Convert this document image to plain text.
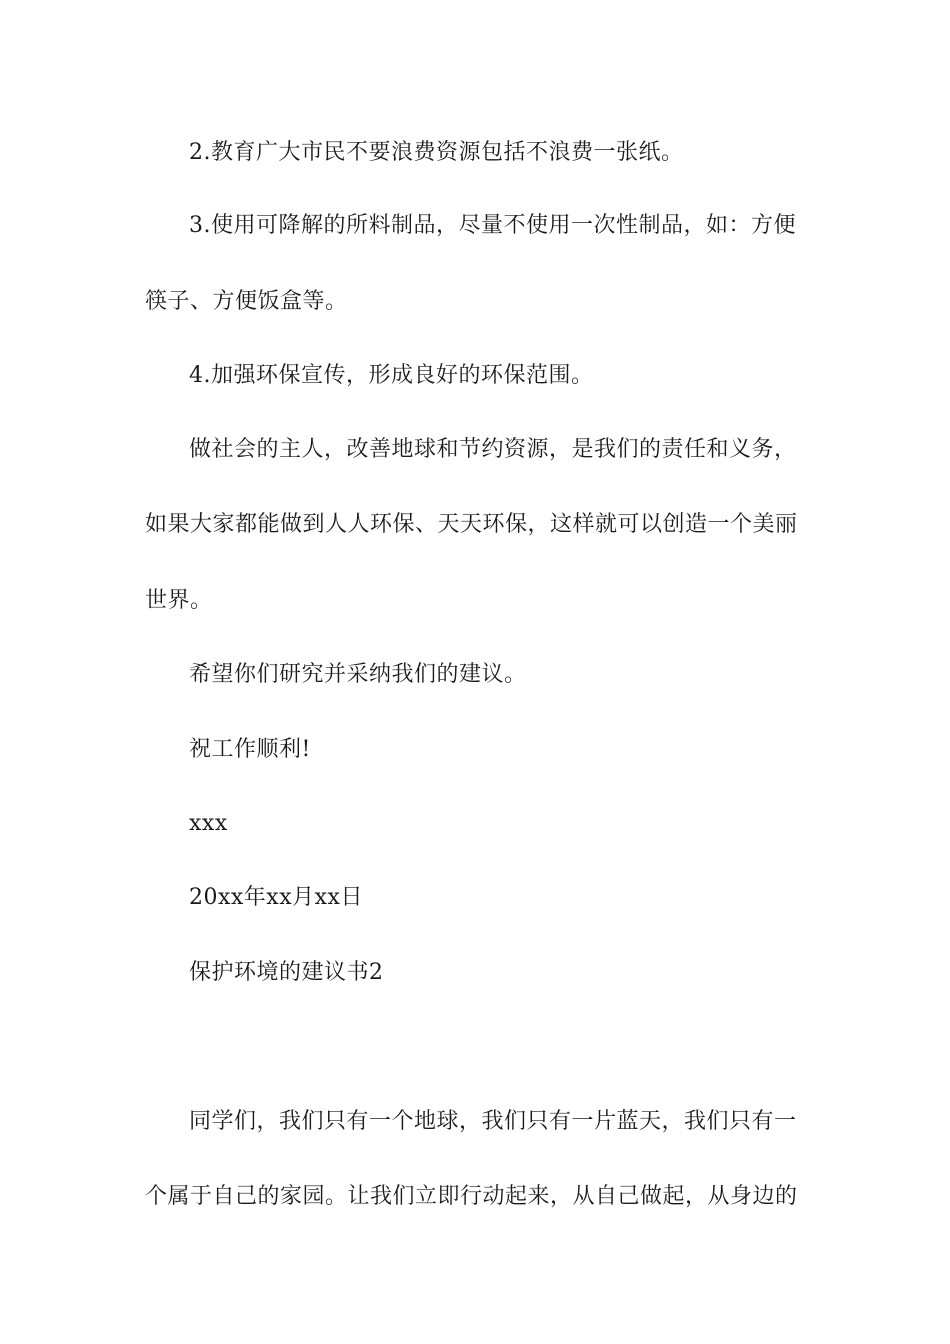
2.教育广大市民不要浪费资源包括不浪费一张纸。
3.使用可降解的所料制品，尽量不使用一次性制品，如：方便
筷子、方便饭盒等。
4.加强环保宣传，形成良好的环保范围。
做社会的主人，改善地球和节约资源，是我们的责任和义务，
如果大家都能做到人人环保、天天环保，这样就可以创造一个美丽
世界。
希望你们研究并采纳我们的建议。
祝工作顺利!
xxx
20xx年xx月xx日
保护环境的建议书2
同学们，我们只有一个地球，我们只有一片蓝天，我们只有一
个属于自己的家园。让我们立即行动起来，从自己做起，从身边的
